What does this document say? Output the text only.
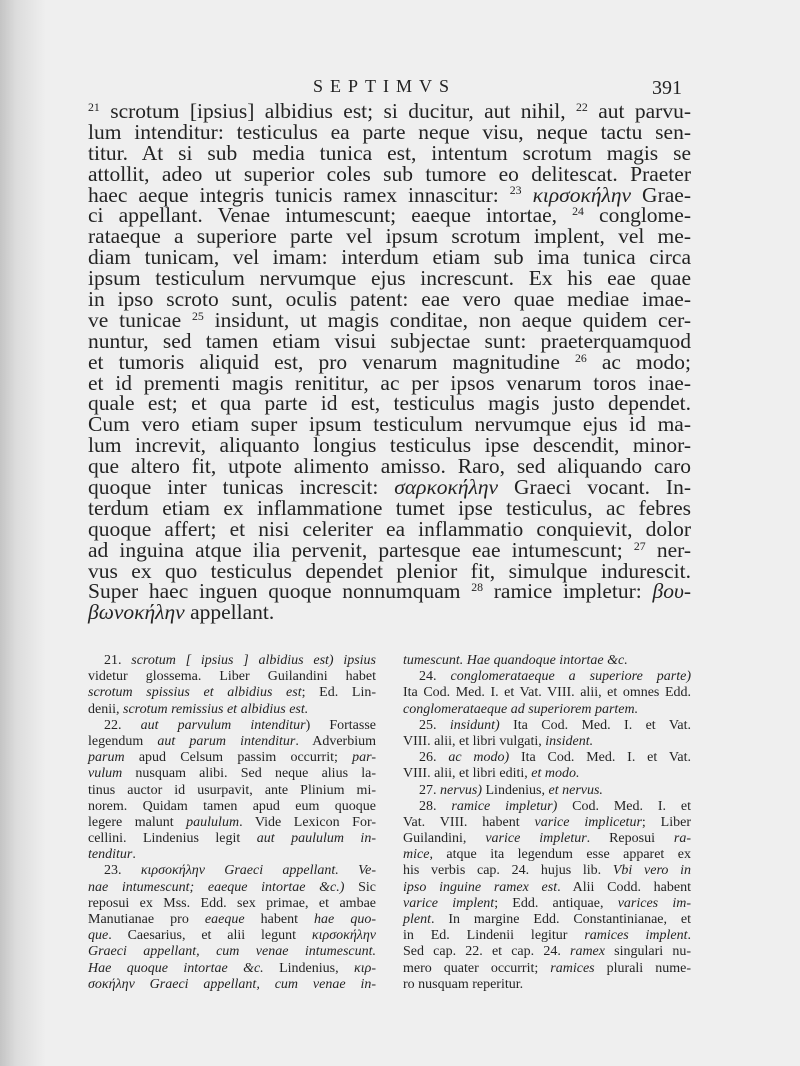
SEPTIMVS	391
$^{21}$ scrotum [ipsius] albidius est; si ducitur, aut nihil, $^{22}$ aut parvu-
lum intenditur: testiculus ea parte neque visu, neque tactu sen-
titur. At si sub media tunica est, intentum scrotum magis se
attollit, adeo ut superior coles sub tumore eo delitescat. Praeter
haec aeque integris tunicis ramex innascitur: $^{23}$ κιρσοκήλην Grae-
ci appellant. Venae intumescunt; eaeque intortae, $^{24}$ conglome-
rataeque a superiore parte vel ipsum scrotum implent, vel me-
diam tunicam, vel imam: interdum etiam sub ima tunica circa
ipsum testiculum nervumque ejus increscunt. Ex his eae quae
in ipso scroto sunt, oculis patent: eae vero quae mediae imae-
ve tunicae $^{25}$ insidunt, ut magis conditae, non aeque quidem cer-
nuntur, sed tamen etiam visui subjectae sunt: praeterquamquod
et tumoris aliquid est, pro venarum magnitudine $^{26}$ ac modo;
et id prementi magis renititur, ac per ipsos venarum toros inae-
quale est; et qua parte id est, testiculus magis justo dependet.
Cum vero etiam super ipsum testiculum nervumque ejus id ma-
lum increvit, aliquanto longius testiculus ipse descendit, minor-
que altero fit, utpote alimento amisso. Raro, sed aliquando caro
quoque inter tunicas increscit: σαρκοκήλην Graeci vocant. In-
terdum etiam ex inflammatione tumet ipse testiculus, ac febres
quoque affert; et nisi celeriter ea inflammatio conquievit, dolor
ad inguina atque ilia pervenit, partesque eae intumescunt; $^{27}$ ner-
vus ex quo testiculus dependet plenior fit, simulque indurescit.
Super haec inguen quoque nonnumquam $^{28}$ ramice impletur: βου-
βωνοκήλην appellant.
21. scrotum [ ipsius ] albidius est) ipsius
videtur glossema. Liber Guilandini habet
scrotum spissius et albidius est; Ed. Lin-
denii, scrotum remissius et albidius est.
22. aut parvulum intenditur) Fortasse
legendum aut parum intenditur. Adverbium
parum apud Celsum passim occurrit; par-
vulum nusquam alibi. Sed neque alius la-
tinus auctor id usurpavit, ante Plinium mi-
norem. Quidam tamen apud eum quoque
legere malunt paululum. Vide Lexicon For-
cellini. Lindenius legit aut paululum in-
tenditur.
23. κιρσοκήλην Graeci appellant. Ve-
nae intumescunt; eaeque intortae &c.) Sic
reposui ex Mss. Edd. sex primae, et ambae
Manutianae pro eaeque habent hae quo-
que. Caesarius, et alii legunt κιρσοκήλην
Graeci appellant, cum venae intumescunt.
Hae quoque intortae &c. Lindenius, κιρ-
σοκήλην Graeci appellant, cum venae in-
tumescunt. Hae quandoque intortae &c.
24. conglomerataeque a superiore parte)
Ita Cod. Med. I. et Vat. VIII. alii, et omnes Edd.
conglomerataeque ad superiorem partem.
25. insidunt) Ita Cod. Med. I. et Vat.
VIII. alii, et libri vulgati, insident.
26. ac modo) Ita Cod. Med. I. et Vat.
VIII. alii, et libri editi, et modo.
27. nervus) Lindenius, et nervus.
28. ramice impletur) Cod. Med. I. et
Vat. VIII. habent varice implicetur; Liber
Guilandini, varice impletur. Reposui ra-
mice, atque ita legendum esse apparet ex
his verbis cap. 24. hujus lib. Vbi vero in
ipso inguine ramex est. Alii Codd. habent
varice implent; Edd. antiquae, varices im-
plent. In margine Edd. Constantinianae, et
in Ed. Lindenii legitur ramices implent.
Sed cap. 22. et cap. 24. ramex singulari nu-
mero quater occurrit; ramices plurali nume-
ro nusquam reperitur.
